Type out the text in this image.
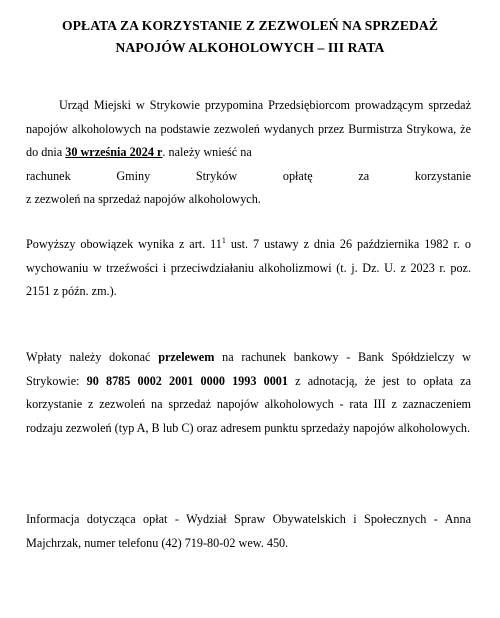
OPŁATA ZA KORZYSTANIE Z ZEZWOLEŃ NA SPRZEDAŻ
NAPOJÓW ALKOHOLOWYCH – III RATA
Urząd Miejski w Strykowie przypomina Przedsiębiorcom prowadzącym sprzedaż napojów alkoholowych na podstawie zezwoleń wydanych przez Burmistrza Strykowa, że do dnia 30 września 2024 r. należy wnieść na
rachunek	Gminy	Stryków	opłatę	za	korzystanie
z zezwoleń na sprzedaż napojów alkoholowych.
Powyższy obowiązek wynika z art. $11^1$ ust. 7 ustawy z dnia 26 października 1982 r. o wychowaniu w trzeźwości i przeciwdziałaniu alkoholizmowi (t. j. Dz. U. z 2023 r. poz. 2151 z późn. zm.).
Wpłaty należy dokonać przelewem na rachunek bankowy - Bank Spółdzielczy w Strykowie: 90 8785 0002 2001 0000 1993 0001 z adnotacją, że jest to opłata za korzystanie z zezwoleń na sprzedaż napojów alkoholowych - rata III z zaznaczeniem rodzaju zezwoleń (typ A, B lub C) oraz adresem punktu sprzedaży napojów alkoholowych.
Informacja dotycząca opłat - Wydział Spraw Obywatelskich i Społecznych - Anna Majchrzak, numer telefonu (42) 719-80-02 wew. 450.
